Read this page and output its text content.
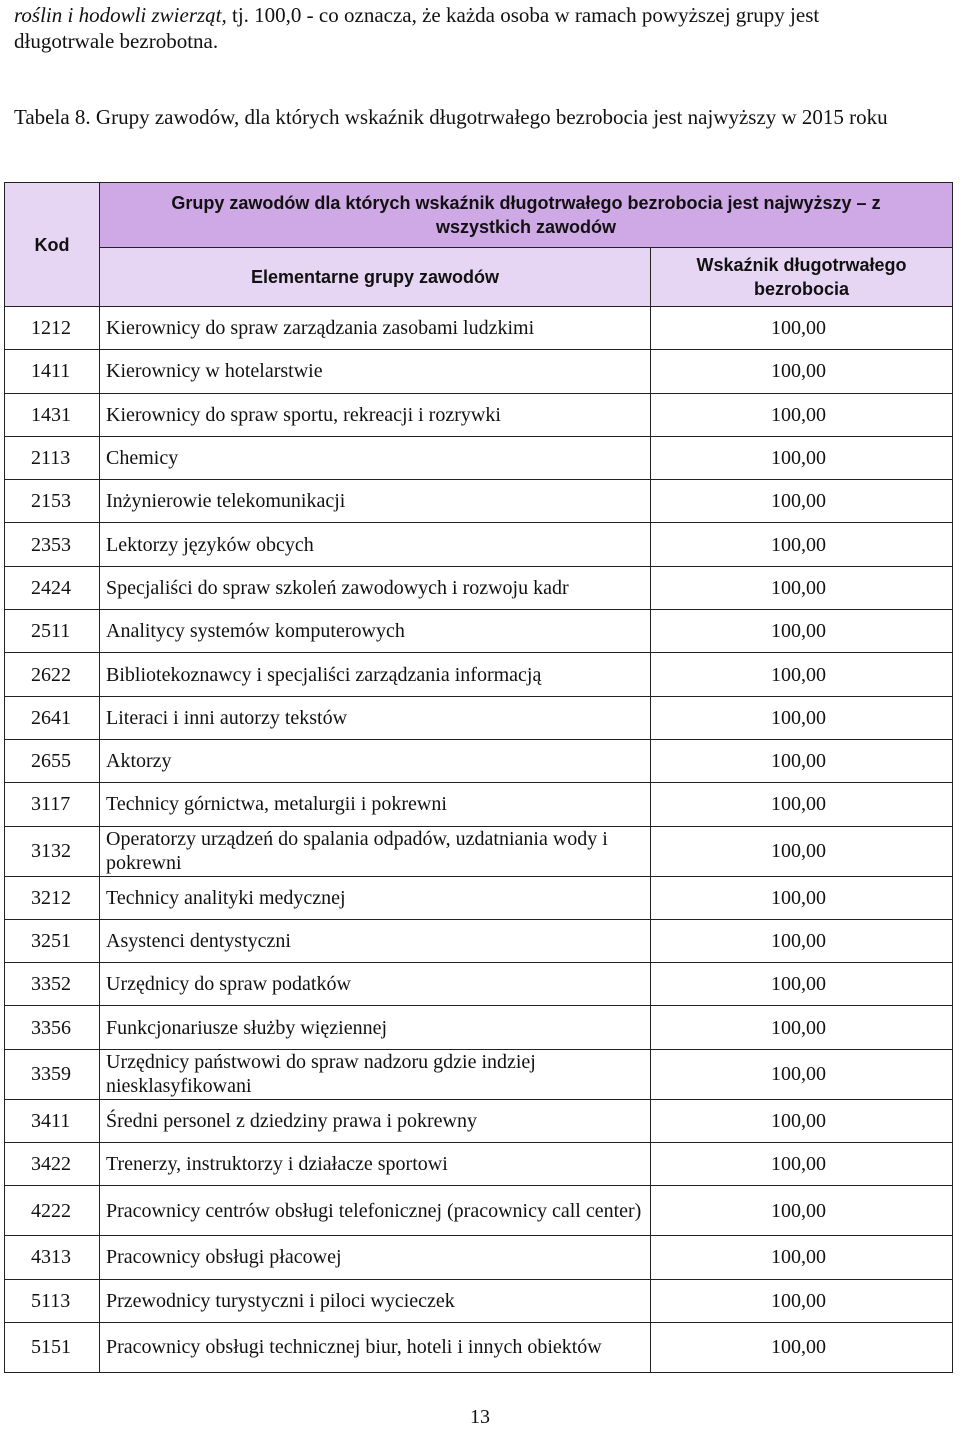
roślin i hodowli zwierząt, tj. 100,0 - co oznacza, że każda osoba w ramach powyższej grupy jest
długotrwale bezrobotna.

Tabela 8. Grupy zawodów, dla których wskaźnik długotrwałego bezrobocia jest najwyższy w 2015 roku

Kod	Grupy zawodów dla których wskaźnik długotrwałego bezrobocia jest najwyższy – z wszystkich zawodów	
	Elementarne grupy zawodów	Wskaźnik długotrwałego bezrobocia
1212	Kierownicy do spraw zarządzania zasobami ludzkimi	100,00
1411	Kierownicy w hotelarstwie	100,00
1431	Kierownicy do spraw sportu, rekreacji i rozrywki	100,00
2113	Chemicy	100,00
2153	Inżynierowie telekomunikacji	100,00
2353	Lektorzy języków obcych	100,00
2424	Specjaliści do spraw szkoleń zawodowych i rozwoju kadr	100,00
2511	Analitycy systemów komputerowych	100,00
2622	Bibliotekoznawcy i specjaliści zarządzania informacją	100,00
2641	Literaci i inni autorzy tekstów	100,00
2655	Aktorzy	100,00
3117	Technicy górnictwa, metalurgii i pokrewni	100,00
3132	Operatorzy urządzeń do spalania odpadów, uzdatniania wody i pokrewni	100,00
3212	Technicy analityki medycznej	100,00
3251	Asystenci dentystyczni	100,00
3352	Urzędnicy do spraw podatków	100,00
3356	Funkcjonariusze służby więziennej	100,00
3359	Urzędnicy państwowi do spraw nadzoru gdzie indziej niesklasyfikowani	100,00
3411	Średni personel z dziedziny prawa i pokrewny	100,00
3422	Trenerzy, instruktorzy i działacze sportowi	100,00
4222	Pracownicy centrów obsługi telefonicznej (pracownicy call center)	100,00
4313	Pracownicy obsługi płacowej	100,00
5113	Przewodnicy turystyczni i piloci wycieczek	100,00
5151	Pracownicy obsługi technicznej biur, hoteli i innych obiektów	100,00
13
